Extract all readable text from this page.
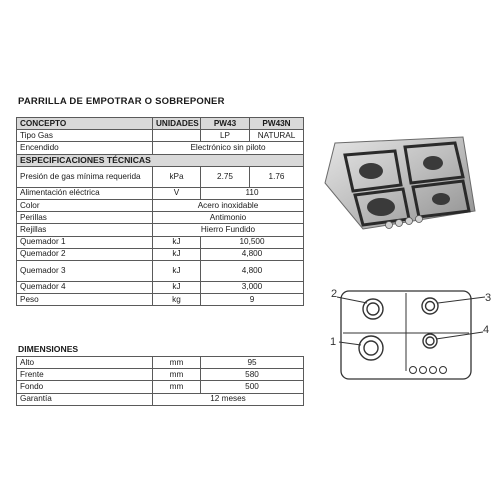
PARRILLA DE EMPOTRAR O SOBREPONER
CONCEPTO	UNIDADES	PW43	PW43N
Tipo Gas		LP	NATURAL
Encendido	Electrónico sin piloto		
ESPECIFICACIONES TÉCNICAS			
Presión de gas mínima requerida	kPa	2.75	1.76
Alimentación eléctrica	V	110	
Color	Acero inoxidable		
Perillas	Antimonio		
Rejillas	Hierro Fundido		
Quemador 1	kJ	10,500	
Quemador 2	kJ	4,800	
Quemador 3	kJ	4,800	
Quemador 4	kJ	3,000	
Peso	kg	9	
DIMENSIONES
Alto	mm	95
Frente	mm	580
Fondo	mm	500
Garantía	12 meses	
2	3
1
4
